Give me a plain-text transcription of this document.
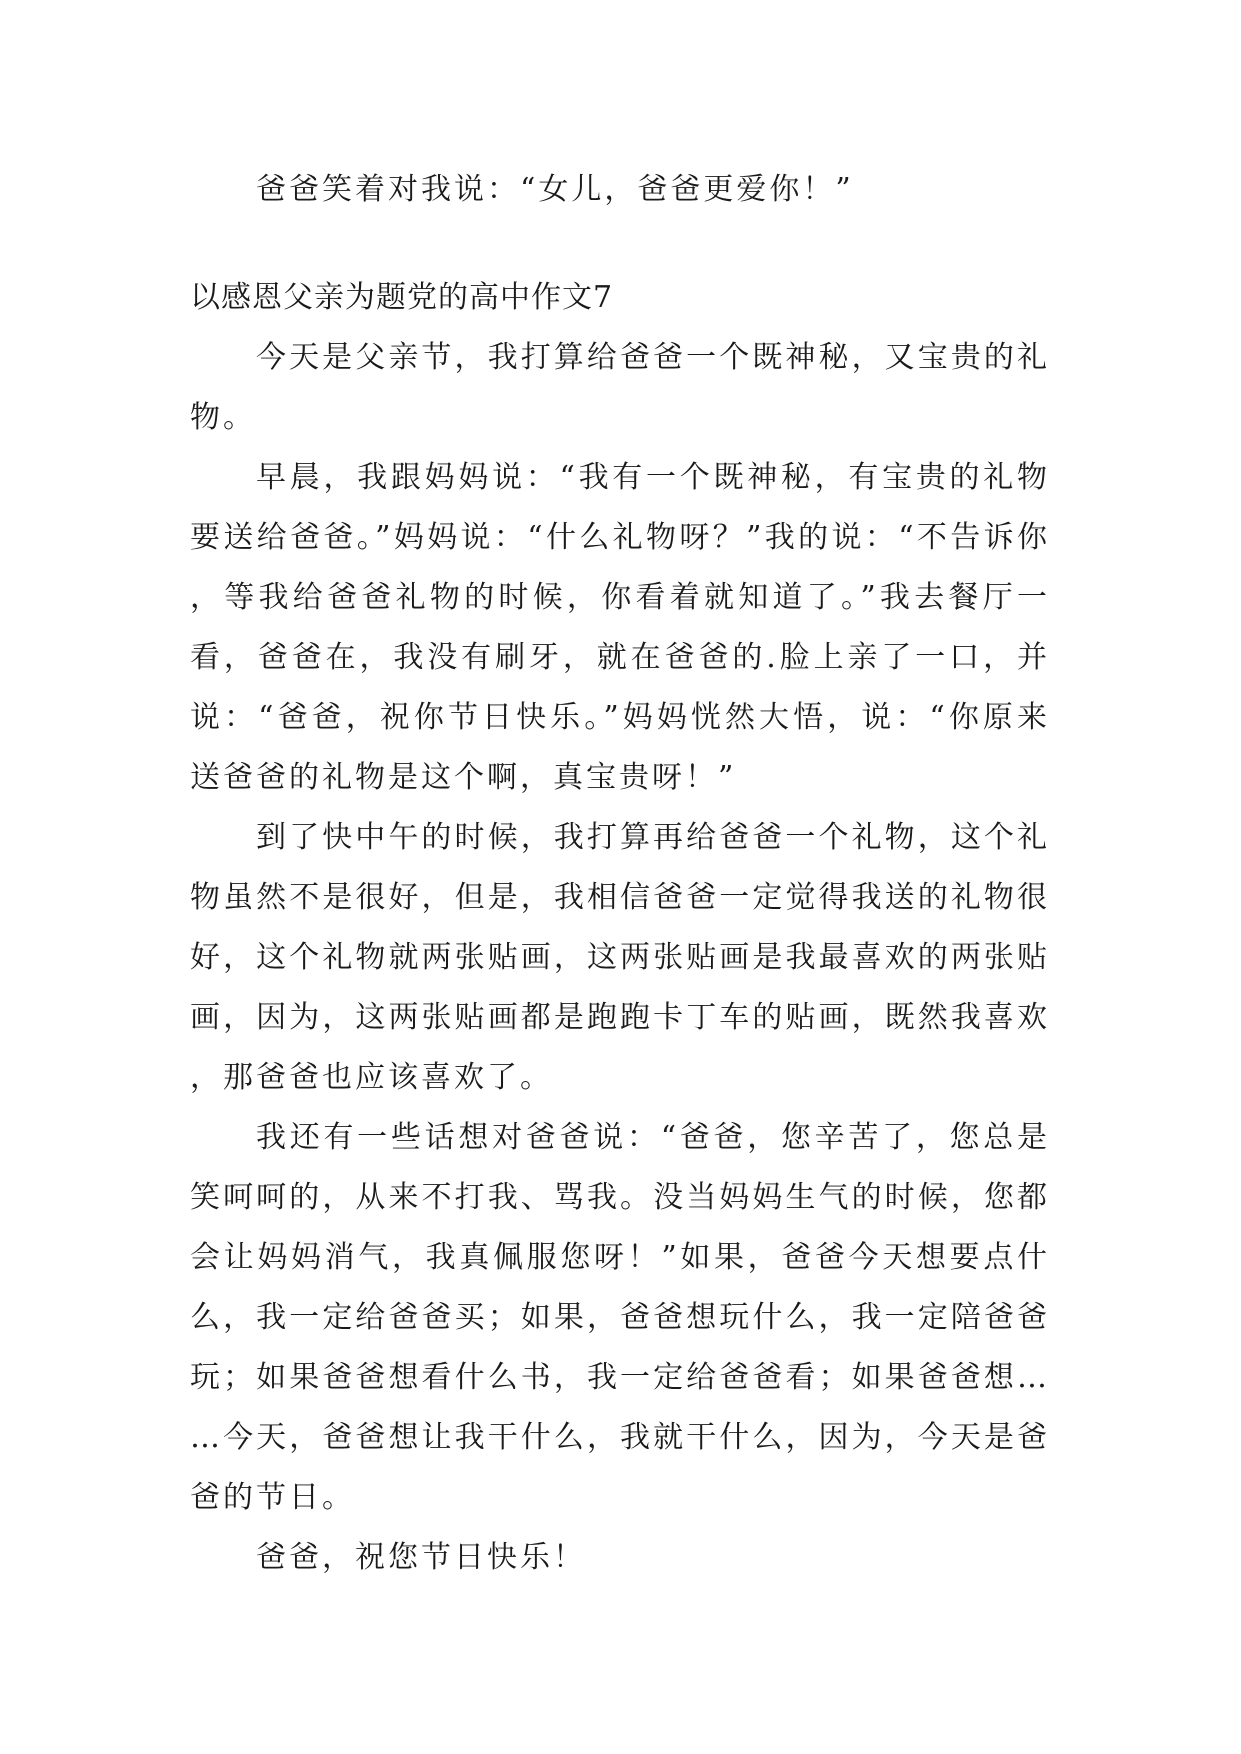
爸爸笑着对我说：“女儿，爸爸更爱你！”

以感恩父亲为题党的高中作文7

今天是父亲节，我打算给爸爸一个既神秘，又宝贵的礼物。

早晨，我跟妈妈说：“我有一个既神秘，有宝贵的礼物要送给爸爸。”妈妈说：“什么礼物呀？”我的说：“不告诉你，等我给爸爸礼物的时候，你看着就知道了。”我去餐厅一看，爸爸在，我没有刷牙，就在爸爸的.脸上亲了一口，并说：“爸爸，祝你节日快乐。”妈妈恍然大悟，说：“你原来送爸爸的礼物是这个啊，真宝贵呀！”

到了快中午的时候，我打算再给爸爸一个礼物，这个礼物虽然不是很好，但是，我相信爸爸一定觉得我送的礼物很好，这个礼物就两张贴画，这两张贴画是我最喜欢的两张贴画，因为，这两张贴画都是跑跑卡丁车的贴画，既然我喜欢，那爸爸也应该喜欢了。

我还有一些话想对爸爸说：“爸爸，您辛苦了，您总是笑呵呵的，从来不打我、骂我。没当妈妈生气的时候，您都会让妈妈消气，我真佩服您呀！”如果，爸爸今天想要点什么，我一定给爸爸买；如果，爸爸想玩什么，我一定陪爸爸玩；如果爸爸想看什么书，我一定给爸爸看；如果爸爸想……今天，爸爸想让我干什么，我就干什么，因为，今天是爸爸的节日。

爸爸，祝您节日快乐！
